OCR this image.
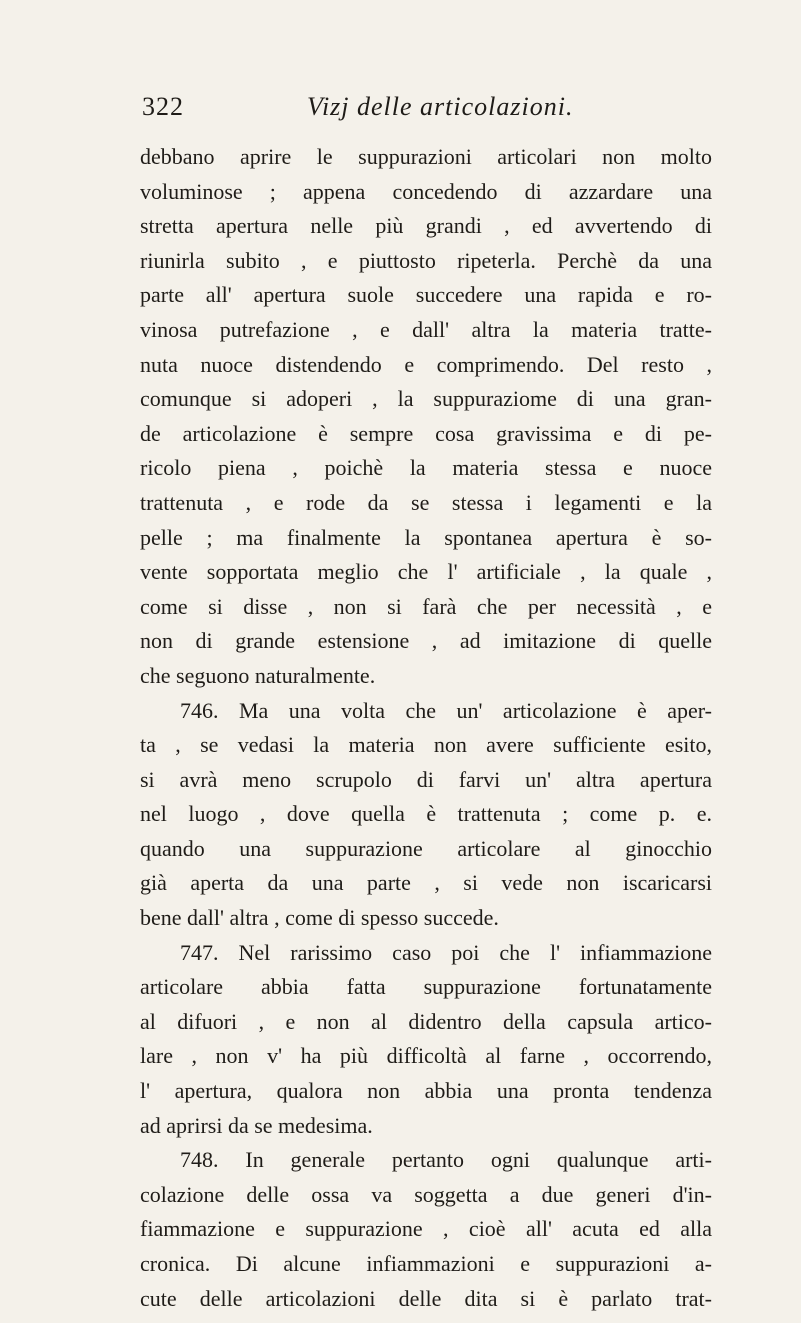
322	Vizj delle articolazioni.
debbano aprire le suppurazioni articolari non molto
voluminose ; appena concedendo di azzardare una
stretta apertura nelle più grandi , ed avvertendo di
riunirla subito , e piuttosto ripeterla. Perchè da una
parte all' apertura suole succedere una rapida e ro-
vinosa putrefazione , e dall' altra la materia tratte-
nuta nuoce distendendo e comprimendo. Del resto ,
comunque si adoperi , la suppuraziome di una gran-
de articolazione è sempre cosa gravissima e di pe-
ricolo piena , poichè la materia stessa e nuoce
trattenuta , e rode da se stessa i legamenti e la
pelle ; ma finalmente la spontanea apertura è so-
vente sopportata meglio che l' artificiale , la quale ,
come si disse , non si farà che per necessità , e
non di grande estensione , ad imitazione di quelle
che seguono naturalmente.
746. Ma una volta che un' articolazione è aper-
ta , se vedasi la materia non avere sufficiente esito,
si avrà meno scrupolo di farvi un' altra apertura
nel luogo , dove quella è trattenuta ; come p. e.
quando una suppurazione articolare al ginocchio
già aperta da una parte , si vede non iscaricarsi
bene dall' altra , come di spesso succede.
747. Nel rarissimo caso poi che l' infiammazione
articolare abbia fatta suppurazione fortunatamente
al difuori , e non al didentro della capsula artico-
lare , non v' ha più difficoltà al farne , occorrendo,
l' apertura, qualora non abbia una pronta tendenza
ad aprirsi da se medesima.
748. In generale pertanto ogni qualunque arti-
colazione delle ossa va soggetta a due generi d'in-
fiammazione e suppurazione , cioè all' acuta ed alla
cronica. Di alcune infiammazioni e suppurazioni a-
cute delle articolazioni delle dita si è parlato trat-
